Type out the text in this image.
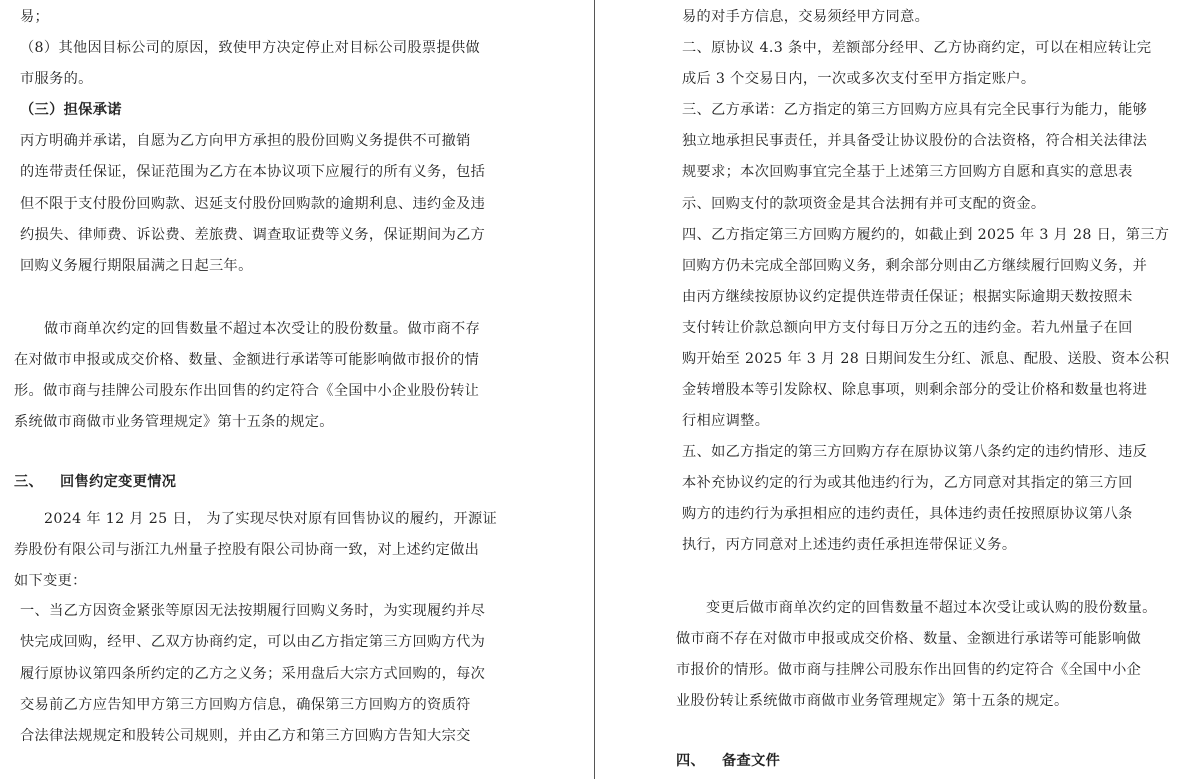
易；
（8）其他因目标公司的原因，致使甲方决定停止对目标公司股票提供做
市服务的。
（三）担保承诺
丙方明确并承诺，自愿为乙方向甲方承担的股份回购义务提供不可撤销
的连带责任保证，保证范围为乙方在本协议项下应履行的所有义务，包括
但不限于支付股份回购款、迟延支付股份回购款的逾期利息、违约金及违
约损失、律师费、诉讼费、差旅费、调查取证费等义务，保证期间为乙方
回购义务履行期限届满之日起三年。
做市商单次约定的回售数量不超过本次受让的股份数量。做市商不存
在对做市申报或成交价格、数量、金额进行承诺等可能影响做市报价的情
形。做市商与挂牌公司股东作出回售的约定符合《全国中小企业股份转让
系统做市商做市业务管理规定》第十五条的规定。
三、 回售约定变更情况
2024 年 12 月 25 日， 为了实现尽快对原有回售协议的履约，开源证
券股份有限公司与浙江九州量子控股有限公司协商一致，对上述约定做出
如下变更：
一、当乙方因资金紧张等原因无法按期履行回购义务时，为实现履约并尽
快完成回购，经甲、乙双方协商约定，可以由乙方指定第三方回购方代为
履行原协议第四条所约定的乙方之义务；采用盘后大宗方式回购的，每次
交易前乙方应告知甲方第三方回购方信息，确保第三方回购方的资质符
合法律法规规定和股转公司规则，并由乙方和第三方回购方告知大宗交
易的对手方信息，交易须经甲方同意。
二、原协议 4.3 条中，差额部分经甲、乙方协商约定，可以在相应转让完
成后 3 个交易日内，一次或多次支付至甲方指定账户。
三、乙方承诺：乙方指定的第三方回购方应具有完全民事行为能力，能够
独立地承担民事责任，并具备受让协议股份的合法资格，符合相关法律法
规要求；本次回购事宜完全基于上述第三方回购方自愿和真实的意思表
示、回购支付的款项资金是其合法拥有并可支配的资金。
四、乙方指定第三方回购方履约的，如截止到 2025 年 3 月 28 日，第三方
回购方仍未完成全部回购义务，剩余部分则由乙方继续履行回购义务，并
由丙方继续按原协议约定提供连带责任保证；根据实际逾期天数按照未
支付转让价款总额向甲方支付每日万分之五的违约金。若九州量子在回
购开始至 2025 年 3 月 28 日期间发生分红、派息、配股、送股、资本公积
金转增股本等引发除权、除息事项，则剩余部分的受让价格和数量也将进
行相应调整。
五、如乙方指定的第三方回购方存在原协议第八条约定的违约情形、违反
本补充协议约定的行为或其他违约行为，乙方同意对其指定的第三方回
购方的违约行为承担相应的违约责任，具体违约责任按照原协议第八条
执行，丙方同意对上述违约责任承担连带保证义务。
变更后做市商单次约定的回售数量不超过本次受让或认购的股份数量。
做市商不存在对做市申报或成交价格、数量、金额进行承诺等可能影响做
市报价的情形。做市商与挂牌公司股东作出回售的约定符合《全国中小企
业股份转让系统做市商做市业务管理规定》第十五条的规定。
四、 备查文件
